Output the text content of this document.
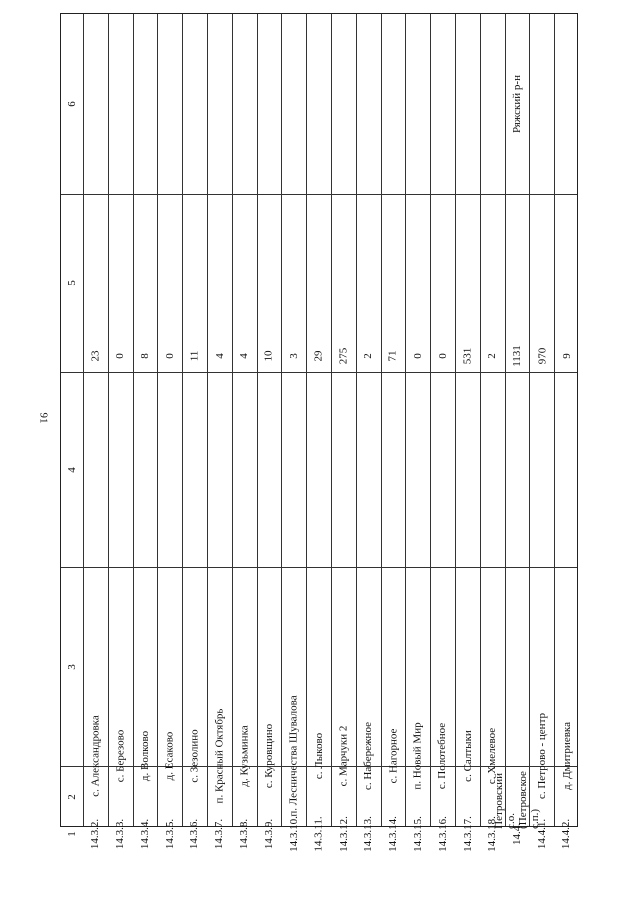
91
1
2
3
4
5
6
14.3.2.
с. Александровка
23
14.3.3.
с. Березово
0
14.3.4.
д. Волково
8
14.3.5.
д. Есаково
0
14.3.6.
с. Зезолино
11
14.3.7.
п. Красный Октябрь
4
14.3.8.
д. Кузьминка
4
14.3.9.
с. Куровщино
10
14.3.10.
п. Лесничества Шувалова
3
14.3.11.
с. Лыково
29
14.3.12.
с. Марчуки 2
275
14.3.13.
с. Набережное
2
14.3.14.
с. Нагорное
71
14.3.15.
п. Новый Мир
0
14.3.16.
с. Полотебное
0
14.3.17.
с. Салтыки
531
14.3.18.
с. Хмелевое
2
14.4.
Петровский с.о. (Петровское с.п.)
1131
14.4.1.
с. Петрово - центр
970
14.4.2.
д. Дмитриевка
9
Ряжский р-н
